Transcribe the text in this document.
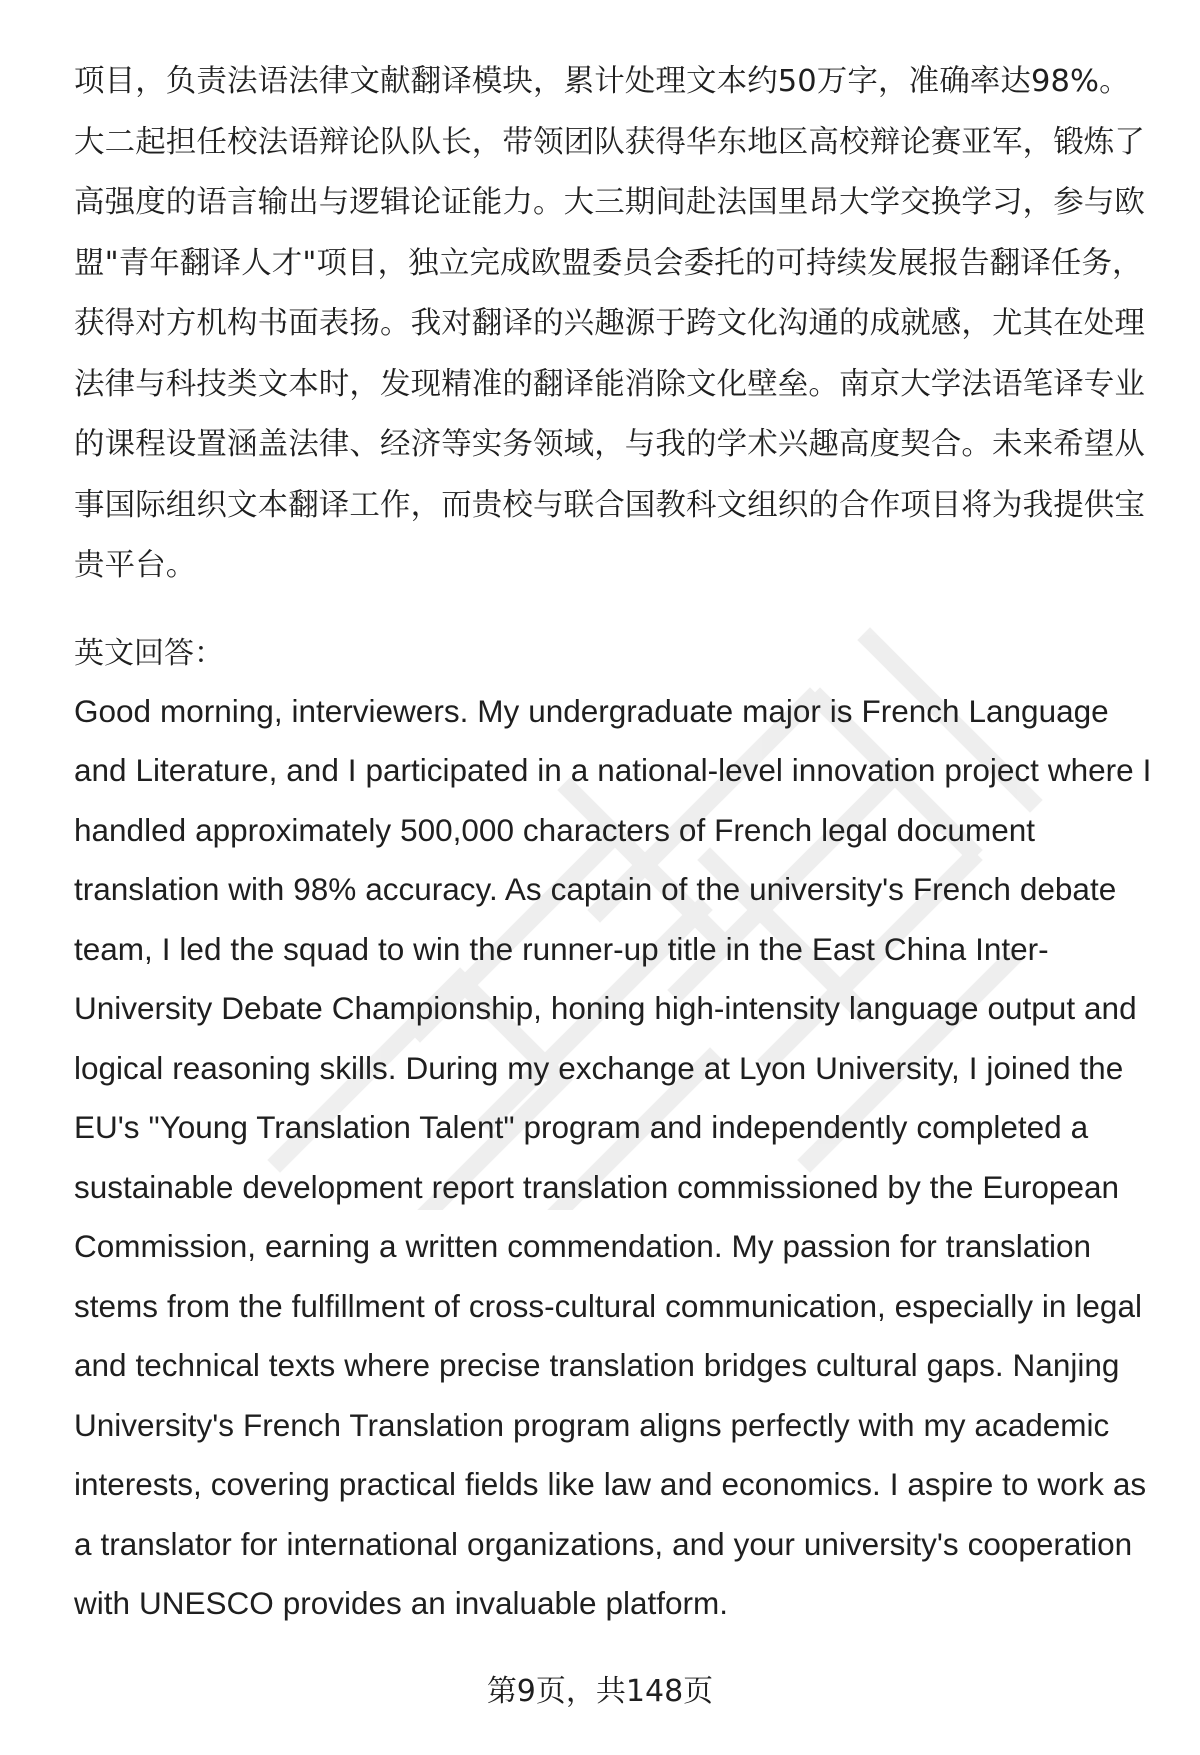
项目，负责法语法律文献翻译模块，累计处理文本约50万字，准确率达98%。大二起担任校法语辩论队队长，带领团队获得华东地区高校辩论赛亚军，锻炼了高强度的语言输出与逻辑论证能力。大三期间赴法国里昂大学交换学习，参与欧盟"青年翻译人才"项目，独立完成欧盟委员会委托的可持续发展报告翻译任务，获得对方机构书面表扬。我对翻译的兴趣源于跨文化沟通的成就感，尤其在处理法律与科技类文本时，发现精准的翻译能消除文化壁垒。南京大学法语笔译专业的课程设置涵盖法律、经济等实务领域，与我的学术兴趣高度契合。未来希望从事国际组织文本翻译工作，而贵校与联合国教科文组织的合作项目将为我提供宝贵平台。

英文回答：

Good morning, interviewers. My undergraduate major is French Language and Literature, and I participated in a national-level innovation project where I handled approximately 500,000 characters of French legal document translation with 98% accuracy. As captain of the university's French debate team, I led the squad to win the runner-up title in the East China Inter-University Debate Championship, honing high-intensity language output and logical reasoning skills. During my exchange at Lyon University, I joined the EU's "Young Translation Talent" program and independently completed a sustainable development report translation commissioned by the European Commission, earning a written commendation. My passion for translation stems from the fulfillment of cross-cultural communication, especially in legal and technical texts where precise translation bridges cultural gaps. Nanjing University's French Translation program aligns perfectly with my academic interests, covering practical fields like law and economics. I aspire to work as a translator for international organizations, and your university's cooperation with UNESCO provides an invaluable platform.

第9页，共148页
